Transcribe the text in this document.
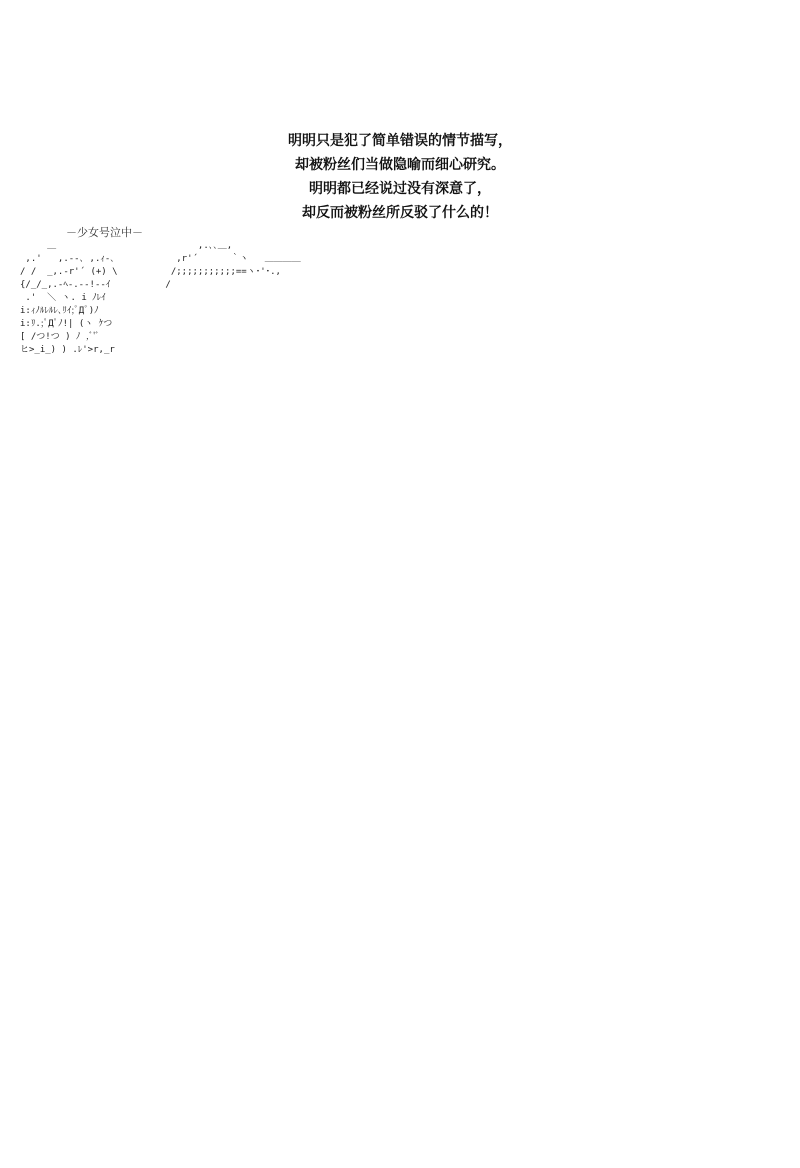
明明只是犯了简单错误的情节描写，
却被粉丝们当做隐喻而细心研究。
明明都已经说过没有深意了，
却反而被粉丝所反驳了什么的！
－少女号泣中－
＿
,.'   ,.--､ ,.ｨ‐､
/ /  _,.-r'´ (+) \
{/_/_,.-ﾍ‐.--!--ｲ
.'  ＼ ヽ. i ﾉﾚｲ
i:ｨﾉﾙﾚﾙﾚ､ﾘｲ;ﾟДﾟ)ﾉ
i:ﾘ.;ﾟДﾟﾉ!| (ヽ ｹつ
[ /つ!つ ) ﾉ ,ﾞ'ﾞ
ヒ>_i_) ) .ﾚ'>r,_r
,.､､＿,
,r'´      ｀ヽ   ＿＿＿＿
/;;;;;;;;;;;==ヽ･'･.,
/
